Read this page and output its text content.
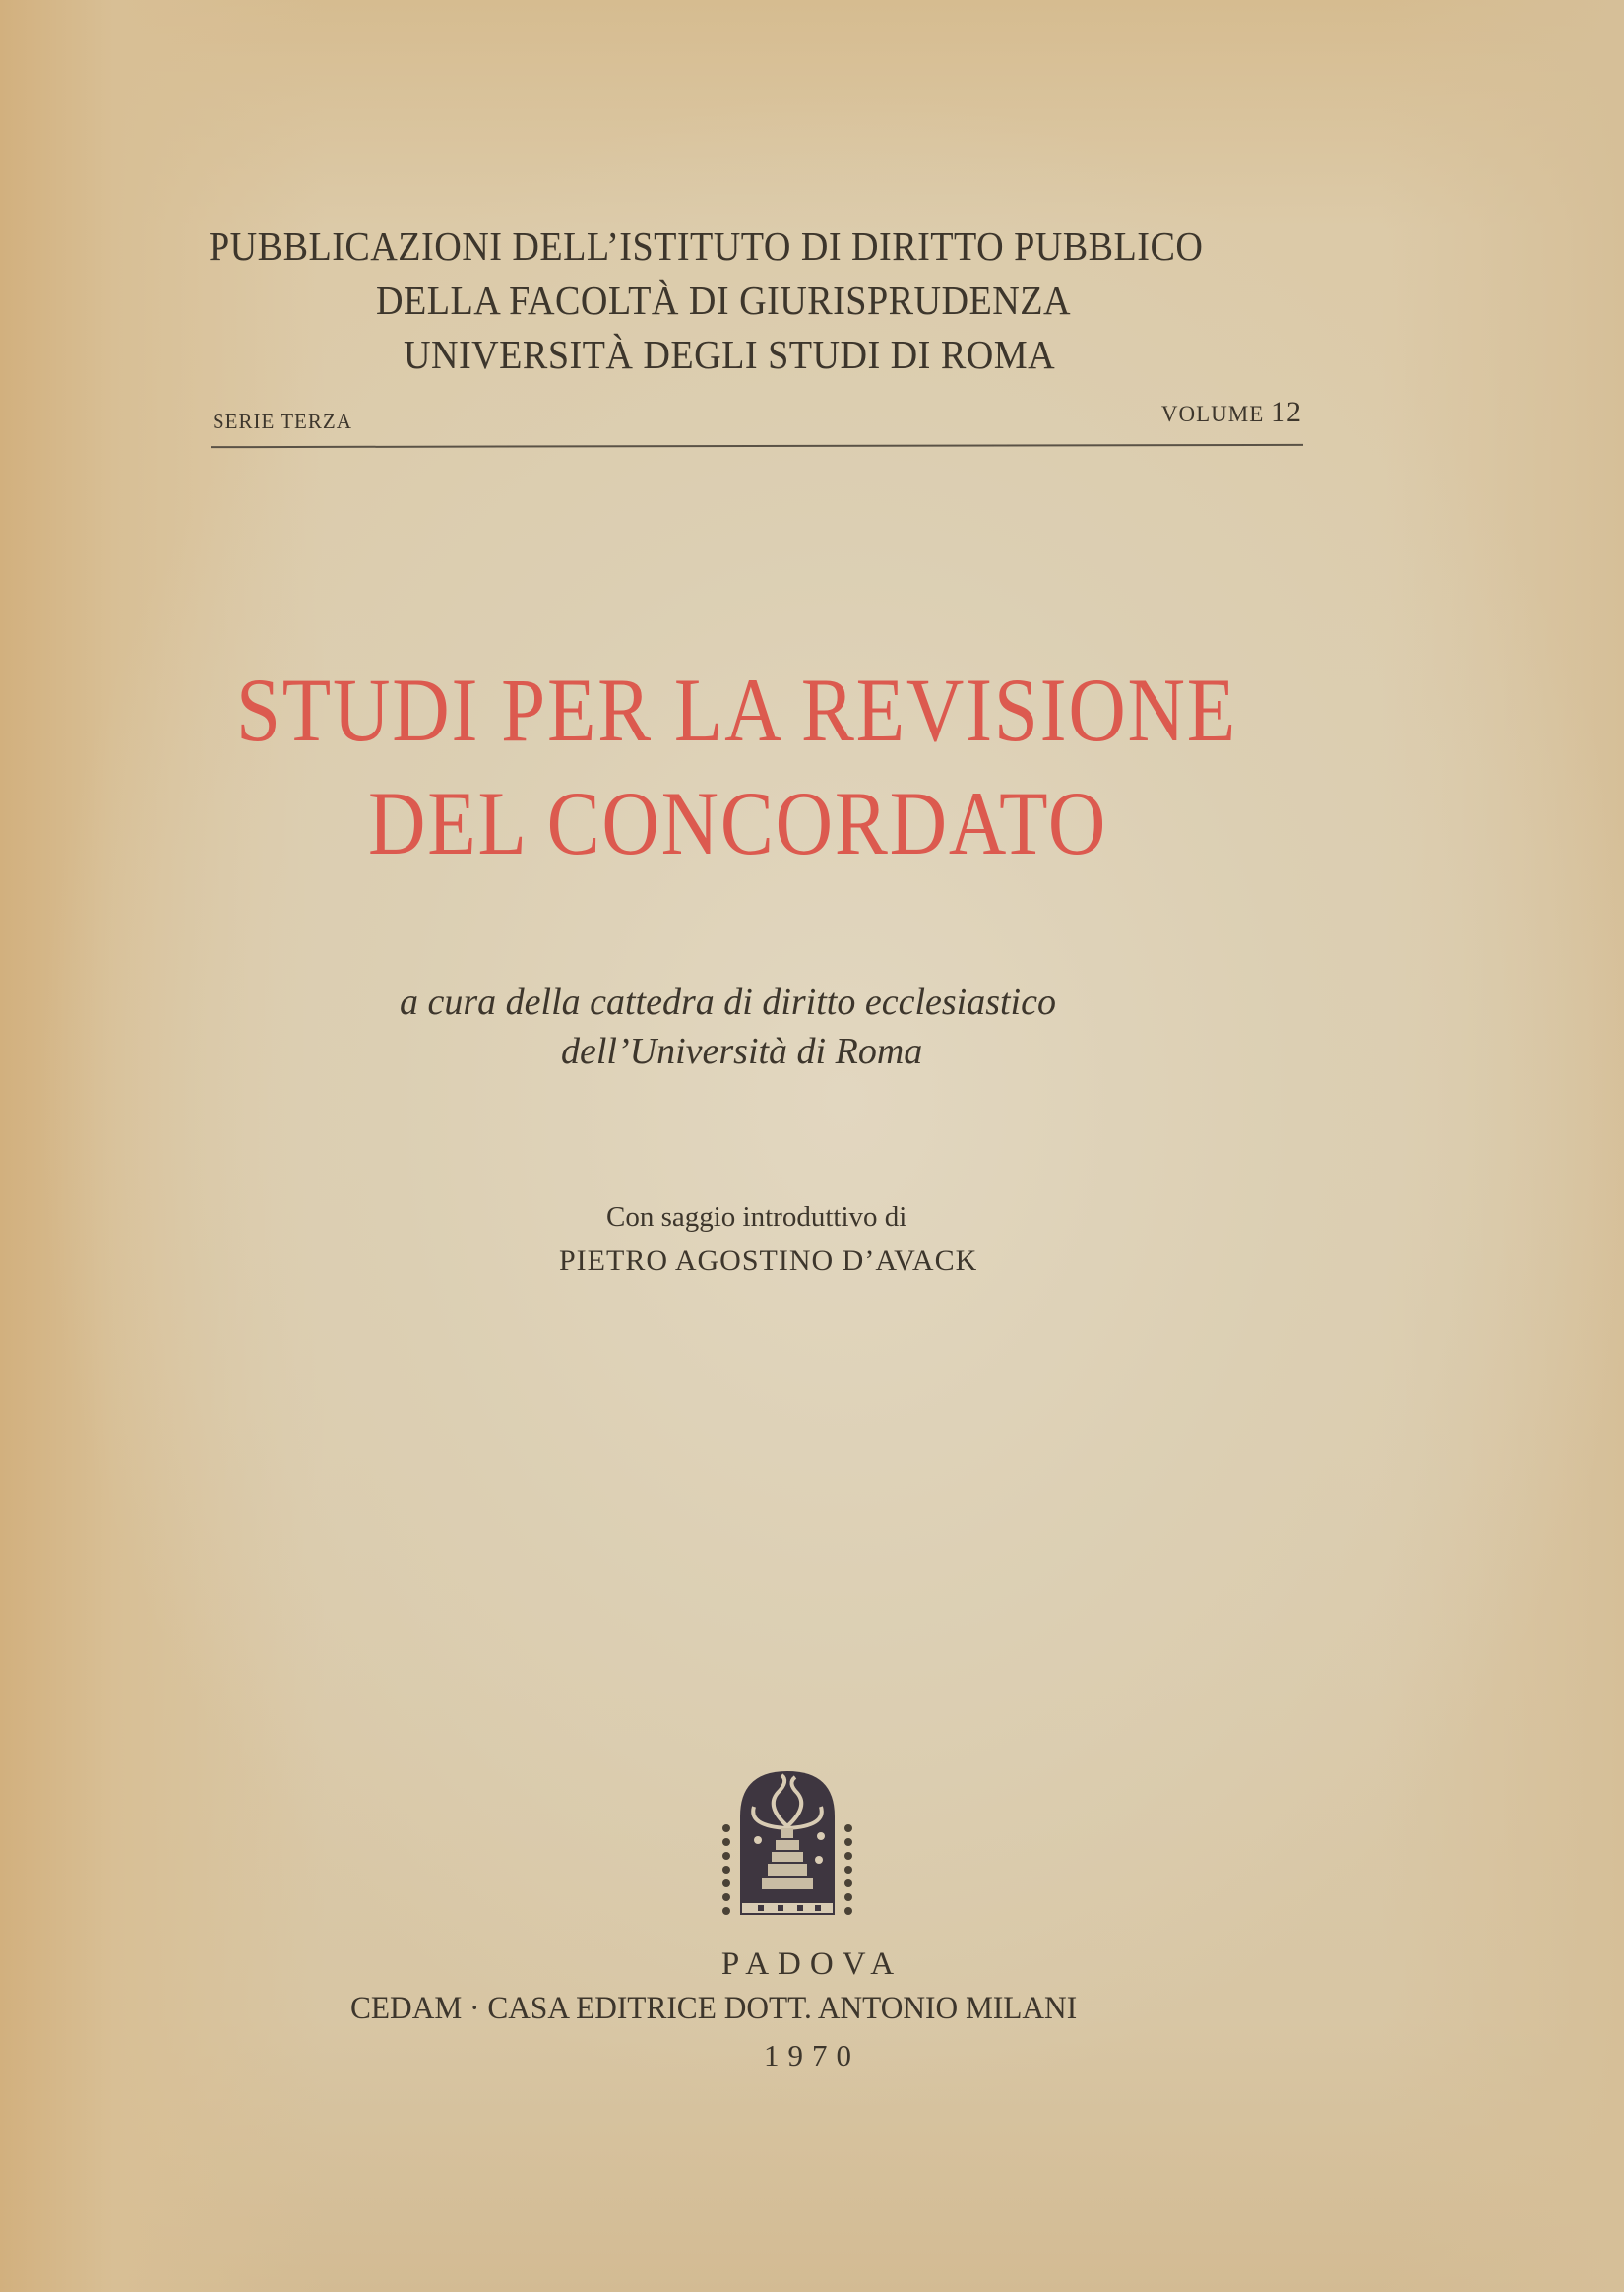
PUBBLICAZIONI DELL’ISTITUTO DI DIRITTO PUBBLICO
DELLA FACOLTÀ DI GIURISPRUDENZA
UNIVERSITÀ DEGLI STUDI DI ROMA
SERIE TERZA	VOLUME 12
STUDI PER LA REVISIONE
DEL CONCORDATO
a cura della cattedra di diritto ecclesiastico
dell’Università di Roma
Con saggio introduttivo di
PIETRO AGOSTINO D’AVACK
PADOVA
CEDAM · CASA EDITRICE DOTT. ANTONIO MILANI
1970
